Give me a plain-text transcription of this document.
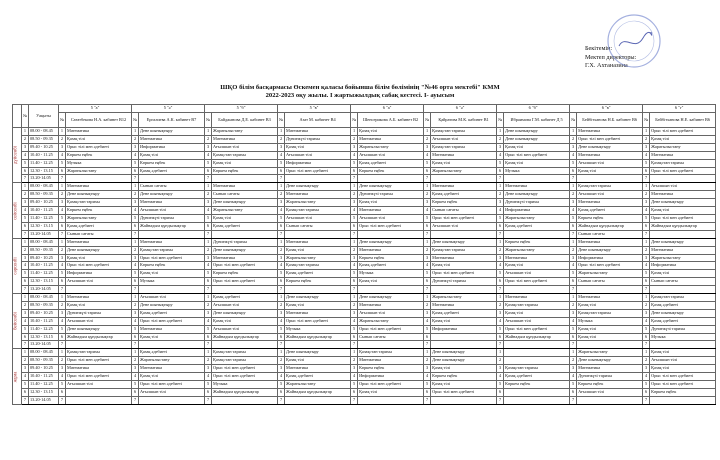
Бекітемін:
Мектеп директоры:
Г.Х. Ахтаназина
ШҚО білім басқармасы Өскемен қаласы бойынша білім бөлімінің "№46 орта мектебі" КММ
2022-2023 оқу жылы. І жартыжылдық сабақ кестесі. І- ауысым
	№	Уақыты	5 "а"		5 "ә"		5 "б"		5 "в"		6 "а"		6 "ә"		6 "б"		6 "в"		6 "г"	
			№	Сағатбекова Н.А. кабинет В12	№	Ергалиева А.К. кабинет В7	№	Байджанова Д.Е. кабинет В3	№	Азат М. кабинет В4	№	Шенсерикова А.Б. кабинет В2	№	Қайратова М.К. кабинет В1	№	Ибраимова Г.М. кабинет Д 5	№	Бейбітханова Н.Б. кабинет В6	№	Бейбітханова Н.Е. кабинет В6

дүйсенбі	1	08.00 - 08.45	1	Математика	1	Дене шынықтыру	1	Жаратылыстану	1	Математика	1	Қазақ тілі	1	Қазақстан тарихы	1	Дене шынықтыру	1	Математика	1	Орыс тілі мен әдебиеті
	2	08.50 - 09.35	2	Қазақ тілі	2	Математика	2	Математика	2	Дүниежүзі тарихы	2	Математика	2	Ағылшын тілі	2	Дене шынықтыру	2	Орыс тілі мен әдебиеті	2	Қазақ тілі
	3	09.40 - 10.25	3	Орыс тілі мен әдебиеті	3	Информатика	3	Ағылшын тілі	3	Қазақ тілі	3	Жаратылыстану	3	Қазақстан тарихы	3	Қазақ тілі	3	Дене шынықтыру	3	Жаратылыстану
	4	10.40 - 11.25	4	Көркем еңбек	4	Қазақ тілі	4	Қазақстан тарихы	4	Ағылшын тілі	4	Ағылшын тілі	4	Математика	4	Орыс тілі мен әдебиеті	4	Математика	4	Математика
	5	11.40 - 12.25	5	Музыка	5	Көркем еңбек	5	Қазақ тілі	5	Информатика	5	Қазақ әдебиеті	5	Қазақ тілі	5	Қазақ тілі	5	Ағылшын тілі	5	Қазақстан тарихы
	6	12.30 - 13.15	6	Жаратылыстану	6	Қазақ әдебиеті	6	Көркем еңбек	6	Орыс тілі мен әдебиеті	6	Көркем еңбек	6	Жаратылыстану	6	Музыка	6	Қазақ тілі	6	Орыс тілі мен әдебиеті
	7	13.20-14.05	7		7		7		7		7		7		7		7		7	

сейсенбі	1	08.00 - 08.45	1	Математика	1	Сынып сағаты	1	Математика	1	Дене шынықтыру	1	Дене шынықтыру	1	Математика	1	Математика	1	Қазақстан тарихы	1	Ағылшын тілі
	2	08.50 - 09.35	2	Дене шынықтыру	2	Дене шынықтыру	2	Сынып сағаты	2	Математика	2	Дүниежүзі тарихы	2	Қазақ әдебиеті	2	Дене шынықтыру	2	Ағылшын тілі	2	Математика
	3	09.40 - 10.25	3	Қазақстан тарихы	3	Математика	3	Дене шынықтыру	3	Жаратылыстану	3	Қазақ тілі	3	Көркем еңбек	3	Дүниежүзі тарихы	3	Математика	3	Дене шынықтыру
	4	10.40 - 11.25	4	Көркем еңбек	4	Ағылшын тілі	4	Жаратылыстану	4	Қазақстан тарихы	4	Математика	4	Сынып сағаты	4	Информатика	4	Қазақ әдебиеті	4	Қазақ тілі
	5	11.40 - 12.25	5	Жаратылыстану	5	Дүниежүзі тарихы	5	Қазақ тілі	5	Ағылшын тілі	5	Ағылшын тілі	5	Орыс тілі мен әдебиеті	5	Жаратылыстану	5	Көркем еңбек	5	Орыс тілі мен әдебиеті
	6	12.30 - 13.15	6	Қазақ әдебиеті	6	Жайнадым құндылықтар	6	Қазақ әдебиеті	6	Сынып сағаты	6	Орыс тілі мен әдебиеті	6	Ағылшын тілі	6	Қазақ әдебиеті	6	Жайнадым құндылықтар	6	Жайнадым құндылықтар
	7	13.20-14.05	7	Сынып сағаты	7		7		7		7		7		7		7	Сынып сағаты	7	

сәрсенбі	1	08.00 - 08.45	1	Математика	1	Математика	1	Дүниежүзі тарихы	1	Математика	1	Дене шынықтыру	1	Дене шынықтыру	1	Көркем еңбек	1	Математика	1	Дене шынықтыру
	2	08.50 - 09.35	2	Дене шынықтыру	2	Қазақстан тарихы	2	Дене шынықтыру	2	Қазақ тілі	2	Математика	2	Қазақстан тарихы	2	Жаратылыстану	2	Дене шынықтыру	2	Математика
	3	09.40 - 10.25	3	Қазақ тілі	3	Орыс тілі мен әдебиеті	3	Математика	3	Жаратылыстану	3	Көркем еңбек	3	Математика	3	Математика	3	Информатика	3	Жаратылыстану
	4	10.40 - 11.25	4	Орыс тілі мен әдебиеті	4	Көркем еңбек	4	Орыс тілі мен әдебиеті	4	Қазақстан тарихы	4	Қазақ әдебиеті	4	Қазақ тілі	4	Қазақ тілі	4	Орыс тілі мен әдебиеті	4	Информатика
	5	11.40 - 12.25	5	Информатика	5	Қазақ тілі	5	Көркем еңбек	5	Қазақ әдебиеті	5	Музыка	5	Орыс тілі мен әдебиеті	5	Ағылшын тілі	5	Жаратылыстану	5	Қазақ тілі
	6	12.30 - 13.15	6	Ағылшын тілі	6	Музыка	6	Орыс тілі мен әдебиеті	6	Көркем еңбек	6	Қазақ тілі	6	Дүниежүзі тарихы	6	Орыс тілі мен әдебиеті	6	Сынып сағаты	6	Сынып сағаты
	7	13.20-14.05	7		7		7		7		7		7		7		7		7	

бейсенбі	1	08.00 - 08.45	1	Математика	1	Ағылшын тілі	1	Қазақ әдебиеті	1	Дене шынықтыру	1	Дене шынықтыру	1	Жаратылыстану	1	Математика	1	Математика	1	Қазақстан тарихы
	2	08.50 - 09.35	2	Қазақ тілі	2	Дене шынықтыру	2	Ағылшын тілі	2	Қазақ тілі	2	Математика	2	Математика	2	Қазақстан тарихы	2	Қазақ тілі	2	Қазақ әдебиеті
	3	09.40 - 10.25	3	Дүниежүзі тарихы	3	Қазақ әдебиеті	3	Дене шынықтыру	3	Математика	3	Ағылшын тілі	3	Қазақ әдебиеті	3	Қазақ тілі	3	Қазақстан тарихы	3	Дене шынықтыру
	4	10.40 - 11.25	4	Ағылшын тілі	4	Орыс тілі мен әдебиеті	4	Қазақ тілі	4	Орыс тілі мен әдебиеті	4	Жаратылыстану	4	Қазақ тілі	4	Ағылшын тілі	4	Музыка	4	Қазақ әдебиеті
	5	11.40 - 12.25	5	Дене шынықтыру	5	Математика	5	Ағылшын тілі	5	Музыка	5	Орыс тілі мен әдебиеті	5	Информатика	5	Орыс тілі мен әдебиеті	5	Қазақ тілі	5	Дүниежүзі тарихы
	6	12.30 - 13.15	6	Жайнадым құндылықтар	6	Қазақ тілі	6	Жайнадым құндылықтар	6	Жайнадым құндылықтар	6	Сынып сағаты	6		6	Жайнадым құндылықтар	6	Қазақ тілі	6	Музыка
	7	13.20-14.05	7		7		7		7		7		7		7		7		7	

жұма	1	08.00 - 08.45	1	Қазақстан тарихы	1	Қазақ әдебиеті	1	Қазақстан тарихы	1	Дене шынықтыру	1	Қазақстан тарихы	1	Дене шынықтыру	1		1	Жаратылыстану	1	Қазақ тілі
	2	08.50 - 09.35	2	Орыс тілі мен әдебиеті	2	Жаратылыстану	2	Қазақстан тарихы	2	Қазақ тілі	2	Математика	2	Дене шынықтыру	2		2	Дене шынықтыру	2	Ағылшын тілі
	3	09.40 - 10.25	3	Математика	3	Математика	3	Орыс тілі мен әдебиеті	3	Математика	3	Көркем еңбек	3	Қазақ тілі	3	Қазақстан тарихы	3	Математика	3	Қазақ тілі
	4	10.40 - 11.25	4	Орыс тілі мен әдебиеті	4	Қазақ тілі	4	Орыс тілі мен әдебиеті	4	Қазақ әдебиеті	4	Информатика	4	Көркем еңбек	4	Қазақ әдебиеті	4	Дүниежүзі тарихы	4	Орыс тілі мен әдебиеті
	5	11.40 - 12.25	5	Ағылшын тілі	5	Орыс тілі мен әдебиеті	5	Музыка	5	Жаратылыстану	5	Орыс тілі мен әдебиеті	5	Қазақ тілі	5	Көркем еңбек	5	Көркем еңбек	5	Орыс тілі мен әдебиеті
	6	12.30 - 13.15	6		6	Ағылшын тілі	6	Жайнадым құндылықтар	6	Жайнадым құндылықтар	6	Қазақ тілі	6	Орыс тілі мен әдебиеті	6		6	Ағылшын тілі	6	Көркем еңбек
	7	13.20-14.05	7		7		7		7		7		7		7		7		7	
